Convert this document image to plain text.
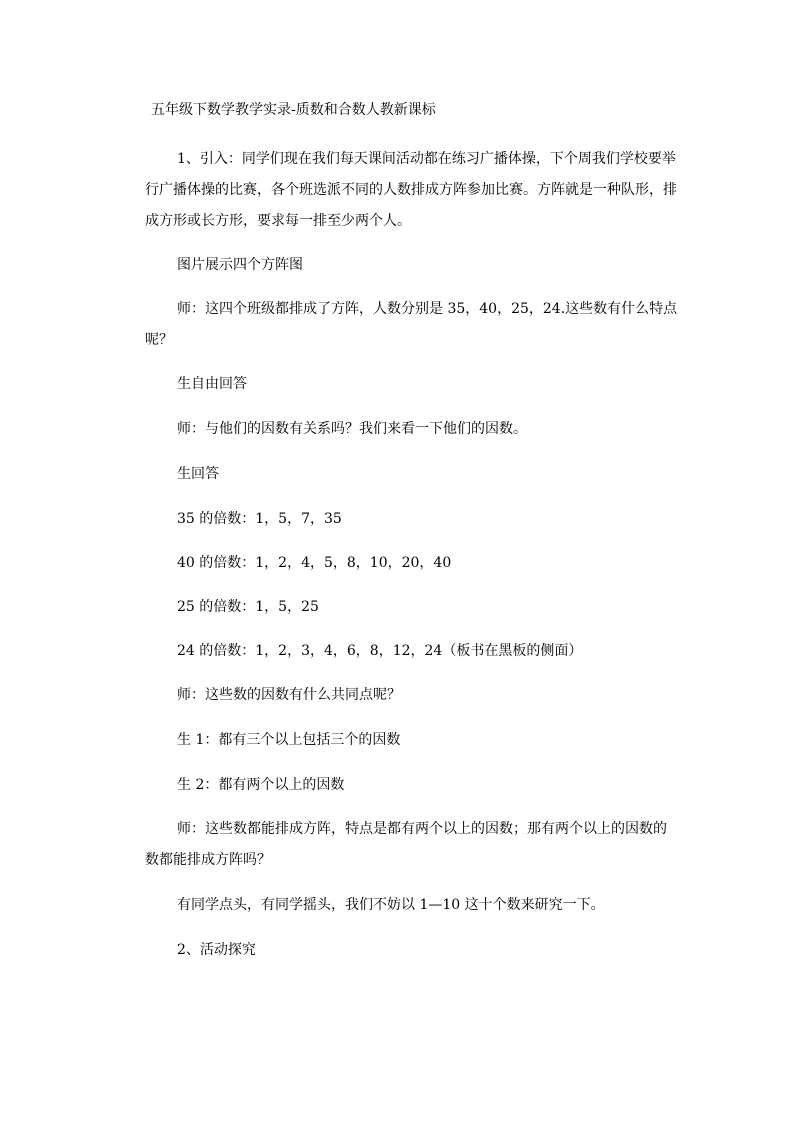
五年级下数学教学实录-质数和合数人教新课标

1、引入：同学们现在我们每天课间活动都在练习广播体操，下个周我们学校要举行广播体操的比赛，各个班选派不同的人数排成方阵参加比赛。方阵就是一种队形，排成方形或长方形，要求每一排至少两个人。

图片展示四个方阵图

师：这四个班级都排成了方阵，人数分别是 35，40，25，24.这些数有什么特点呢？

生自由回答
师：与他们的因数有关系吗？我们来看一下他们的因数。
生回答
35 的倍数：1，5，7，35
40 的倍数：1，2，4，5，8，10，20，40
25 的倍数：1，5，25
24 的倍数：1，2，3，4，6，8，12，24（板书在黑板的侧面）
师：这些数的因数有什么共同点呢？
生 1：都有三个以上包括三个的因数
生 2：都有两个以上的因数

师：这些数都能排成方阵，特点是都有两个以上的因数；那有两个以上的因数的数都能排成方阵吗？

有同学点头，有同学摇头，我们不妨以 1—10 这十个数来研究一下。
2、活动探究
